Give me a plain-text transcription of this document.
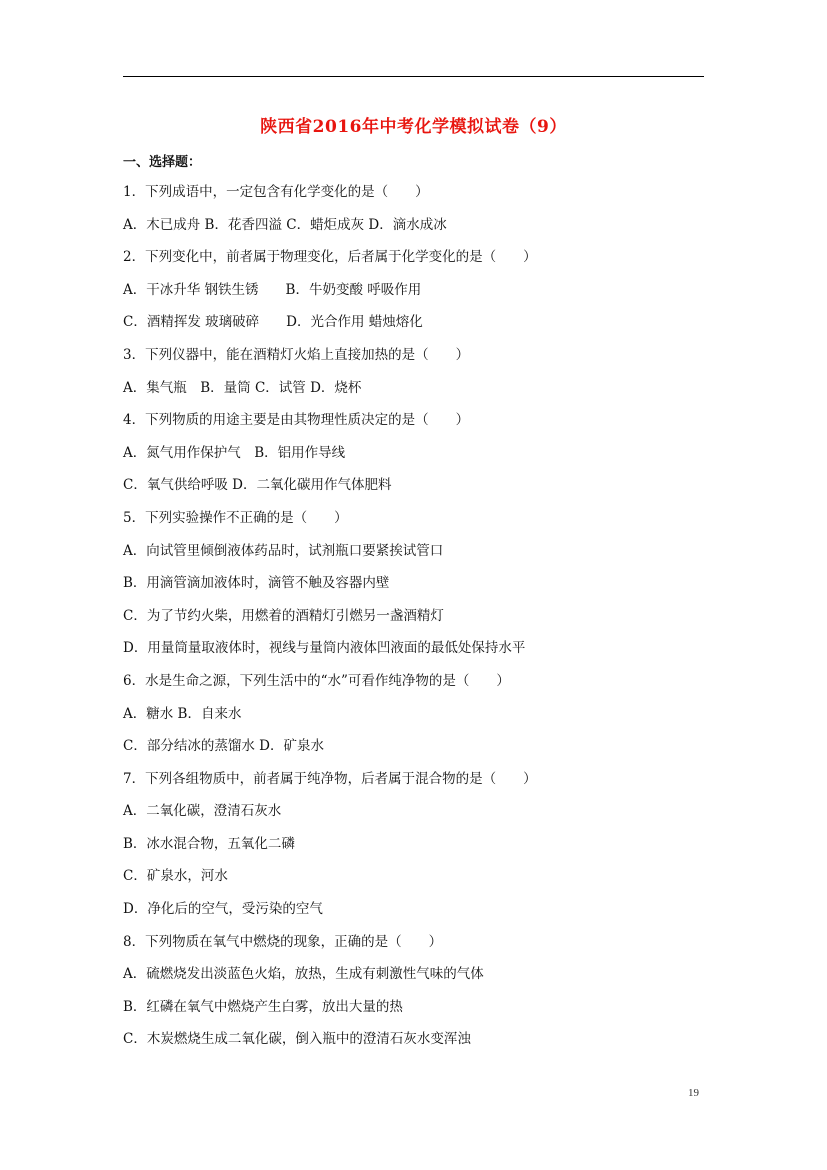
陕西省2016年中考化学模拟试卷（9）
一、选择题：
1．下列成语中，一定包含有化学变化的是（　　）
A．木已成舟 B．花香四溢 C．蜡炬成灰 D．滴水成冰
2．下列变化中，前者属于物理变化，后者属于化学变化的是（　　）
A．干冰升华 钢铁生锈　　B．牛奶变酸 呼吸作用
C．酒精挥发 玻璃破碎　　D．光合作用 蜡烛熔化
3．下列仪器中，能在酒精灯火焰上直接加热的是（　　）
A．集气瓶　B．量筒 C．试管 D．烧杯
4．下列物质的用途主要是由其物理性质决定的是（　　）
A．氮气用作保护气　B．铝用作导线
C．氧气供给呼吸 D．二氧化碳用作气体肥料
5．下列实验操作不正确的是（　　）
A．向试管里倾倒液体药品时，试剂瓶口要紧挨试管口
B．用滴管滴加液体时，滴管不触及容器内壁
C．为了节约火柴，用燃着的酒精灯引燃另一盏酒精灯
D．用量筒量取液体时，视线与量筒内液体凹液面的最低处保持水平
6．水是生命之源，下列生活中的“水”可看作纯净物的是（　　）
A．糖水 B．自来水
C．部分结冰的蒸馏水 D．矿泉水
7．下列各组物质中，前者属于纯净物，后者属于混合物的是（　　）
A．二氧化碳，澄清石灰水
B．冰水混合物，五氧化二磷
C．矿泉水，河水
D．净化后的空气，受污染的空气
8．下列物质在氧气中燃烧的现象，正确的是（　　）
A．硫燃烧发出淡蓝色火焰，放热，生成有刺激性气味的气体
B．红磷在氧气中燃烧产生白雾，放出大量的热
C．木炭燃烧生成二氧化碳，倒入瓶中的澄清石灰水变浑浊
19
